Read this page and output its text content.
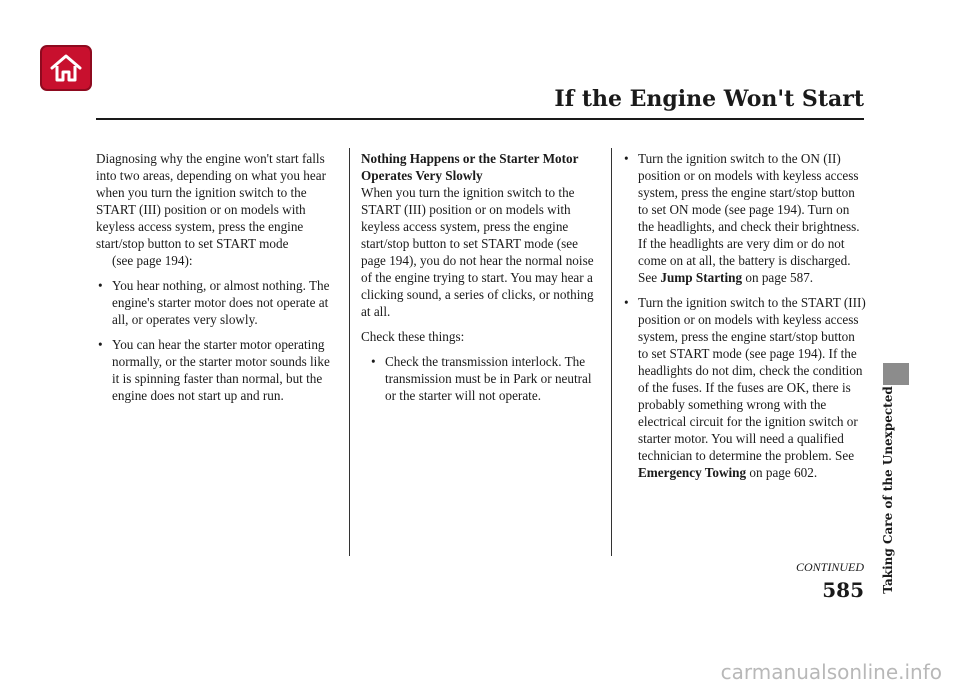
If the Engine Won't Start

Diagnosing why the engine won't start falls into two areas, depending on what you hear when you turn the ignition switch to the START (III) position or on models with keyless access system, press the engine start/stop button to set START mode
(see page 194):

• You hear nothing, or almost nothing. The engine's starter motor does not operate at all, or operates very slowly.
• You can hear the starter motor operating normally, or the starter motor sounds like it is spinning faster than normal, but the engine does not start up and run.

Nothing Happens or the Starter Motor Operates Very Slowly

When you turn the ignition switch to the START (III) position or on models with keyless access system, press the engine start/stop button to set START mode (see page 194), you do not hear the normal noise of the engine trying to start. You may hear a clicking sound, a series of clicks, or nothing at all.

Check these things:

• Check the transmission interlock. The transmission must be in Park or neutral or the starter will not operate.
• Turn the ignition switch to the ON (II) position or on models with keyless access system, press the engine start/stop button to set ON mode (see page 194). Turn on the headlights, and check their brightness. If the headlights are very dim or do not come on at all, the battery is discharged. See Jump Starting on page 587.
• Turn the ignition switch to the START (III) position or on models with keyless access system, press the engine start/stop button to set START mode (see page 194). If the headlights do not dim, check the condition of the fuses. If the fuses are OK, there is probably something wrong with the electrical circuit for the ignition switch or starter motor. You will need a qualified technician to determine the problem. See Emergency Towing on page 602.	Taking Care of the Unexpected
CONTINUED
585
carmanualsonline.info
